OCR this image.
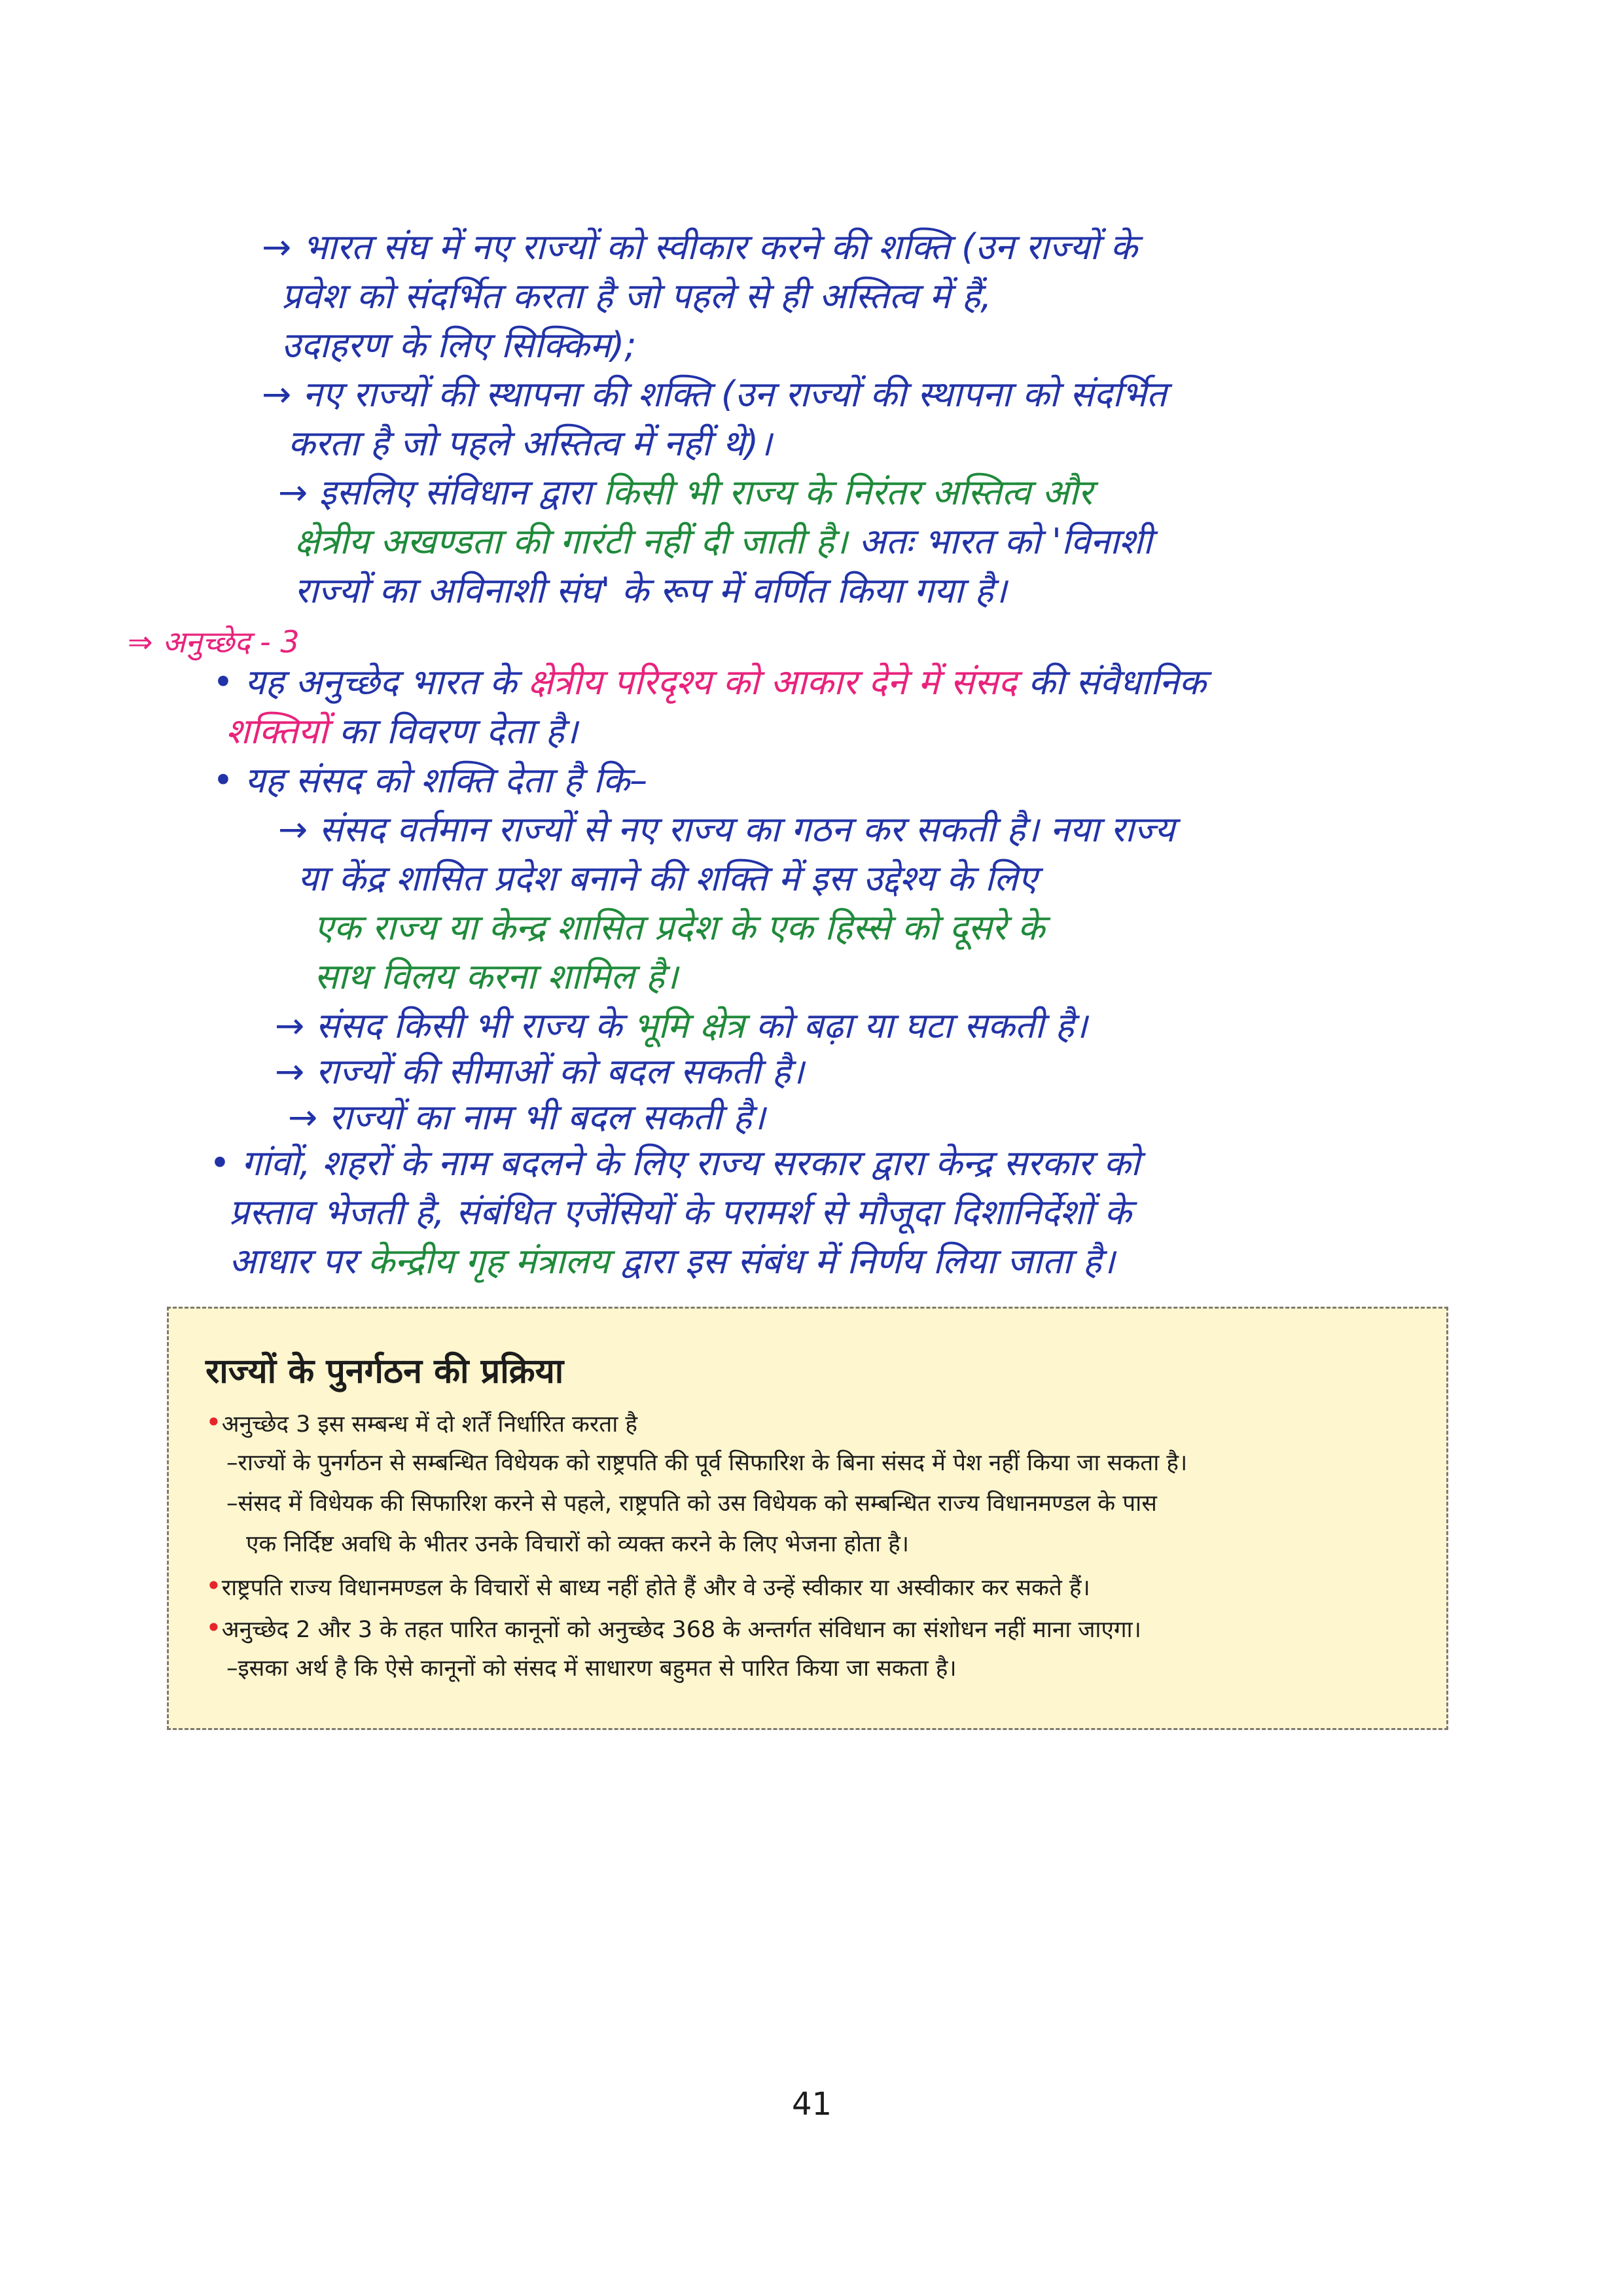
→ भारत संघ में नए राज्यों को स्वीकार करने की शक्ति (उन राज्यों के
प्रवेश को संदर्भित करता है जो पहले से ही अस्तित्व में हैं,
उदाहरण के लिए सिक्किम);
→ नए राज्यों की स्थापना की शक्ति (उन राज्यों की स्थापना को संदर्भित
करता है जो पहले अस्तित्व में नहीं थे)।
→ इसलिए संविधान द्वारा किसी भी राज्य के निरंतर अस्तित्व और
क्षेत्रीय अखण्डता की गारंटी नहीं दी जाती है। अतः भारत को 'विनाशी
राज्यों का अविनाशी संघ' के रूप में वर्णित किया गया है।
⇒ अनुच्छेद - 3
• यह अनुच्छेद भारत के क्षेत्रीय परिदृश्य को आकार देने में संसद की संवैधानिक
शक्तियों का विवरण देता है।
• यह संसद को शक्ति देता है कि–
→ संसद वर्तमान राज्यों से नए राज्य का गठन कर सकती है। नया राज्य
या केंद्र शासित प्रदेश बनाने की शक्ति में इस उद्देश्य के लिए
एक राज्य या केन्द्र शासित प्रदेश के एक हिस्से को दूसरे के
साथ विलय करना शामिल है।
→ संसद किसी भी राज्य के भूमि क्षेत्र को बढ़ा या घटा सकती है।
→ राज्यों की सीमाओं को बदल सकती है।
→ राज्यों का नाम भी बदल सकती है।
• गांवों, शहरों के नाम बदलने के लिए राज्य सरकार द्वारा केन्द्र सरकार को
प्रस्ताव भेजती है, संबंधित एजेंसियों के परामर्श से मौजूदा दिशानिर्देशों के
आधार पर केन्द्रीय गृह मंत्रालय द्वारा इस संबंध में निर्णय लिया जाता है।
राज्यों के पुनर्गठन की प्रक्रिया
•अनुच्छेद 3 इस सम्बन्ध में दो शर्तें निर्धारित करता है
–राज्यों के पुनर्गठन से सम्बन्धित विधेयक को राष्ट्रपति की पूर्व सिफारिश के बिना संसद में पेश नहीं किया जा सकता है।
–संसद में विधेयक की सिफारिश करने से पहले, राष्ट्रपति को उस विधेयक को सम्बन्धित राज्य विधानमण्डल के पास
एक निर्दिष्ट अवधि के भीतर उनके विचारों को व्यक्त करने के लिए भेजना होता है।
•राष्ट्रपति राज्य विधानमण्डल के विचारों से बाध्य नहीं होते हैं और वे उन्हें स्वीकार या अस्वीकार कर सकते हैं।
•अनुच्छेद 2 और 3 के तहत पारित कानूनों को अनुच्छेद 368 के अन्तर्गत संविधान का संशोधन नहीं माना जाएगा।
–इसका अर्थ है कि ऐसे कानूनों को संसद में साधारण बहुमत से पारित किया जा सकता है।
41
